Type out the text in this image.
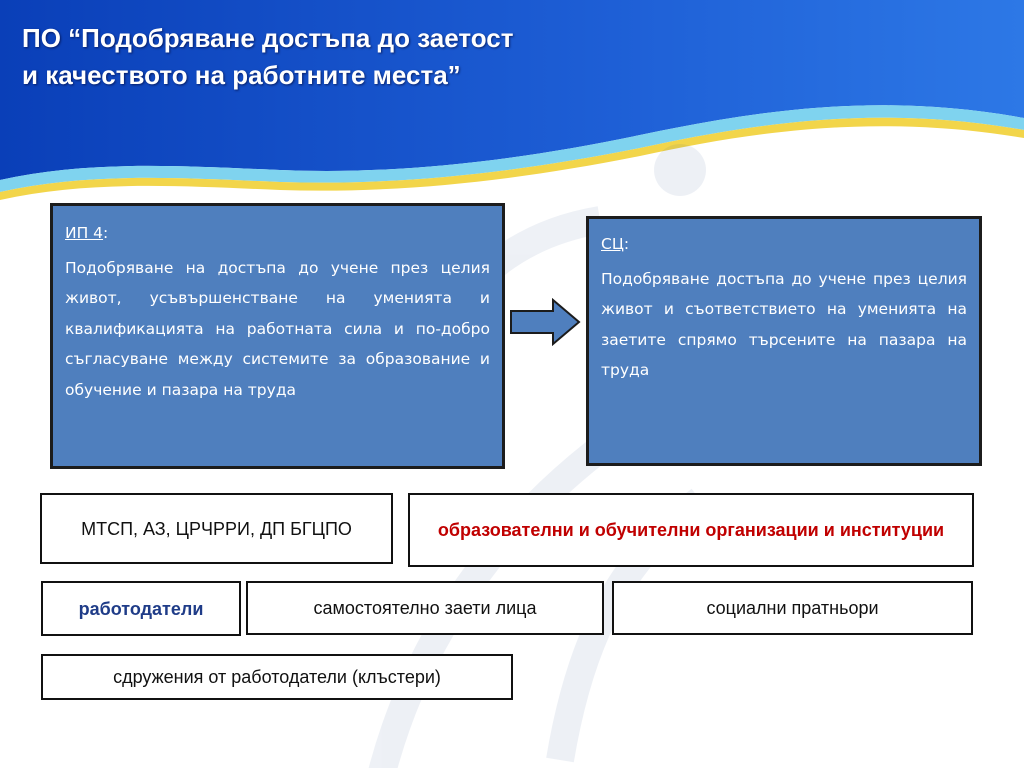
ПО “Подобряване достъпа до заетост
и качеството на работните места”
ИП 4:
Подобряване на достъпа до учене през целия живот, усъвършенстване на уменията и квалификацията на работната сила и по-добро съгласуване между системите за образование и обучение и пазара на труда
СЦ:
Подобряване достъпа до учене през целия живот и съответствието на уменията на заетите спрямо търсените на пазара на труда
МТСП, АЗ, ЦРЧРРИ, ДП БГЦПО	образователни и обучителни организации и институции
работодатели	самостоятелно заети лица	социални пратньори
сдружения от работодатели (клъстери)
